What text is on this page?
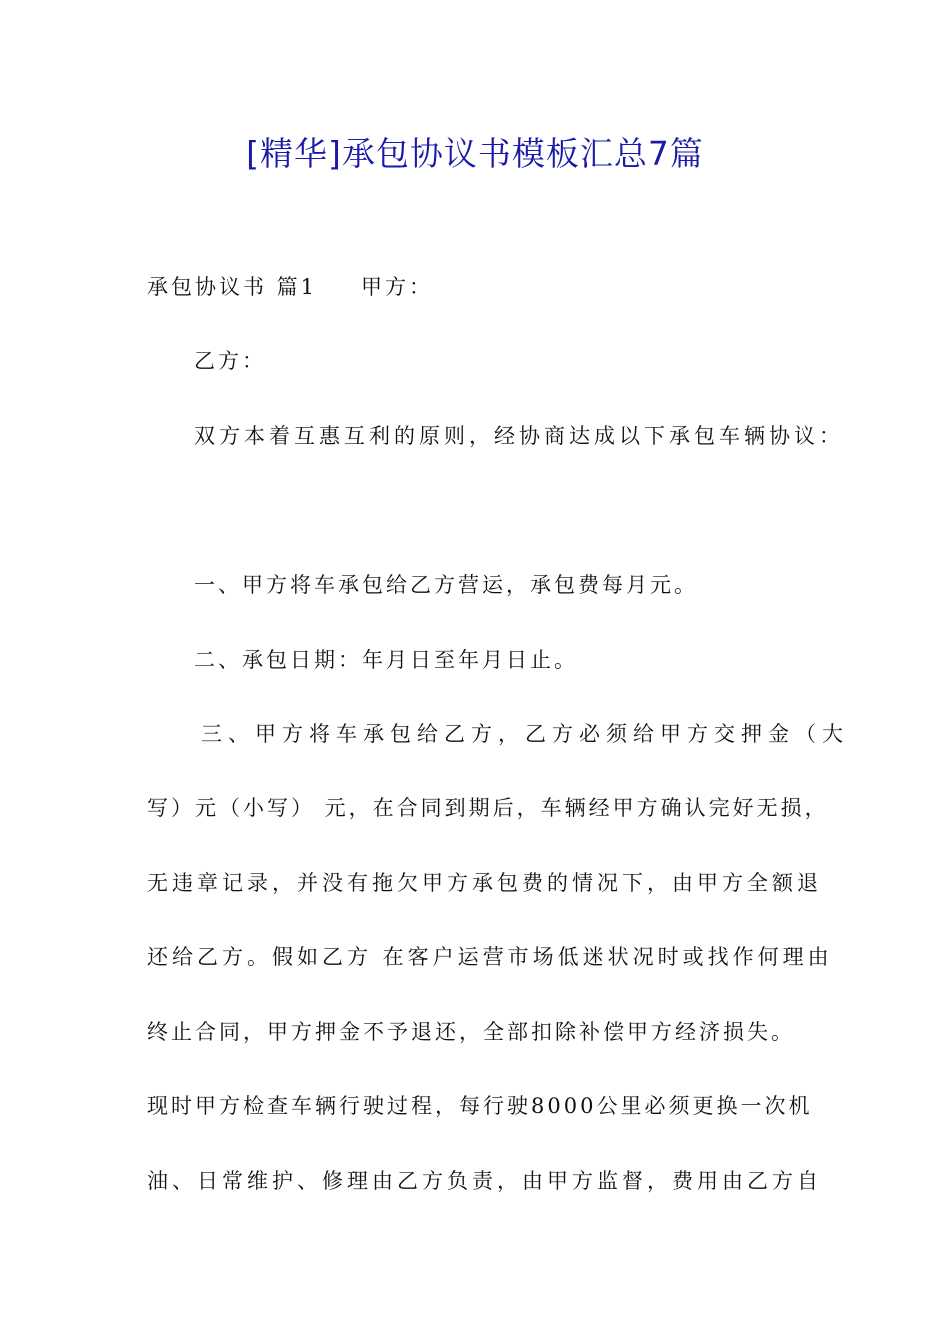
[精华]承包协议书模板汇总7篇
承包协议书 篇1 甲方：
乙方：
双方本着互惠互利的原则，经协商达成以下承包车辆协议：
一、甲方将车承包给乙方营运，承包费每月元。
二、承包日期：年月日至年月日止。
三、甲方将车承包给乙方，乙方必须给甲方交押金（大
写）元（小写） 元，在合同到期后，车辆经甲方确认完好无损，
无违章记录，并没有拖欠甲方承包费的情况下，由甲方全额退
还给乙方。假如乙方 在客户运营市场低迷状况时或找作何理由
终止合同，甲方押金不予退还，全部扣除补偿甲方经济损失。
现时甲方检查车辆行驶过程，每行驶8000公里必须更换一次机
油、日常维护、修理由乙方负责，由甲方监督，费用由乙方自
